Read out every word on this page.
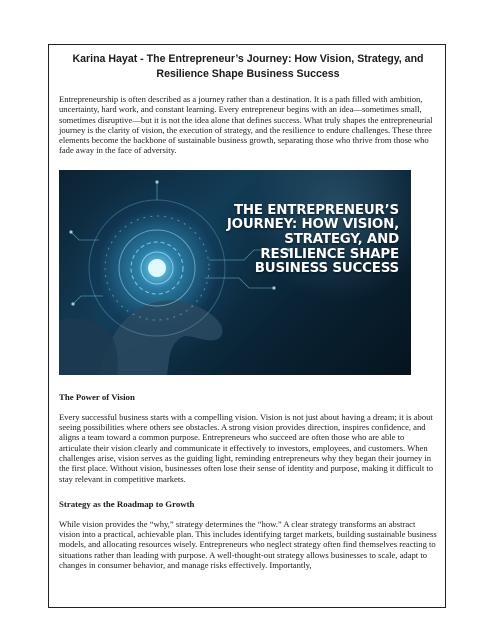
Karina Hayat - The Entrepreneur’s Journey: How Vision, Strategy, and Resilience Shape Business Success

Entrepreneurship is often described as a journey rather than a destination. It is a path filled with ambition, uncertainty, hard work, and constant learning. Every entrepreneur begins with an idea—sometimes small, sometimes disruptive—but it is not the idea alone that defines success. What truly shapes the entrepreneurial journey is the clarity of vision, the execution of strategy, and the resilience to endure challenges. These three elements become the backbone of sustainable business growth, separating those who thrive from those who fade away in the face of adversity.

THE ENTREPRENEUR’S
JOURNEY: HOW VISION,
STRATEGY, AND
RESILIENCE SHAPE
BUSINESS SUCCESS
The Power of Vision

Every successful business starts with a compelling vision. Vision is not just about having a dream; it is about seeing possibilities where others see obstacles. A strong vision provides direction, inspires confidence, and aligns a team toward a common purpose. Entrepreneurs who succeed are often those who are able to articulate their vision clearly and communicate it effectively to investors, employees, and customers. When challenges arise, vision serves as the guiding light, reminding entrepreneurs why they began their journey in the first place. Without vision, businesses often lose their sense of identity and purpose, making it difficult to stay relevant in competitive markets.

Strategy as the Roadmap to Growth

While vision provides the “why,” strategy determines the “how.” A clear strategy transforms an abstract vision into a practical, achievable plan. This includes identifying target markets, building sustainable business models, and allocating resources wisely. Entrepreneurs who neglect strategy often find themselves reacting to situations rather than leading with purpose. A well-thought-out strategy allows businesses to scale, adapt to changes in consumer behavior, and manage risks effectively. Importantly,
